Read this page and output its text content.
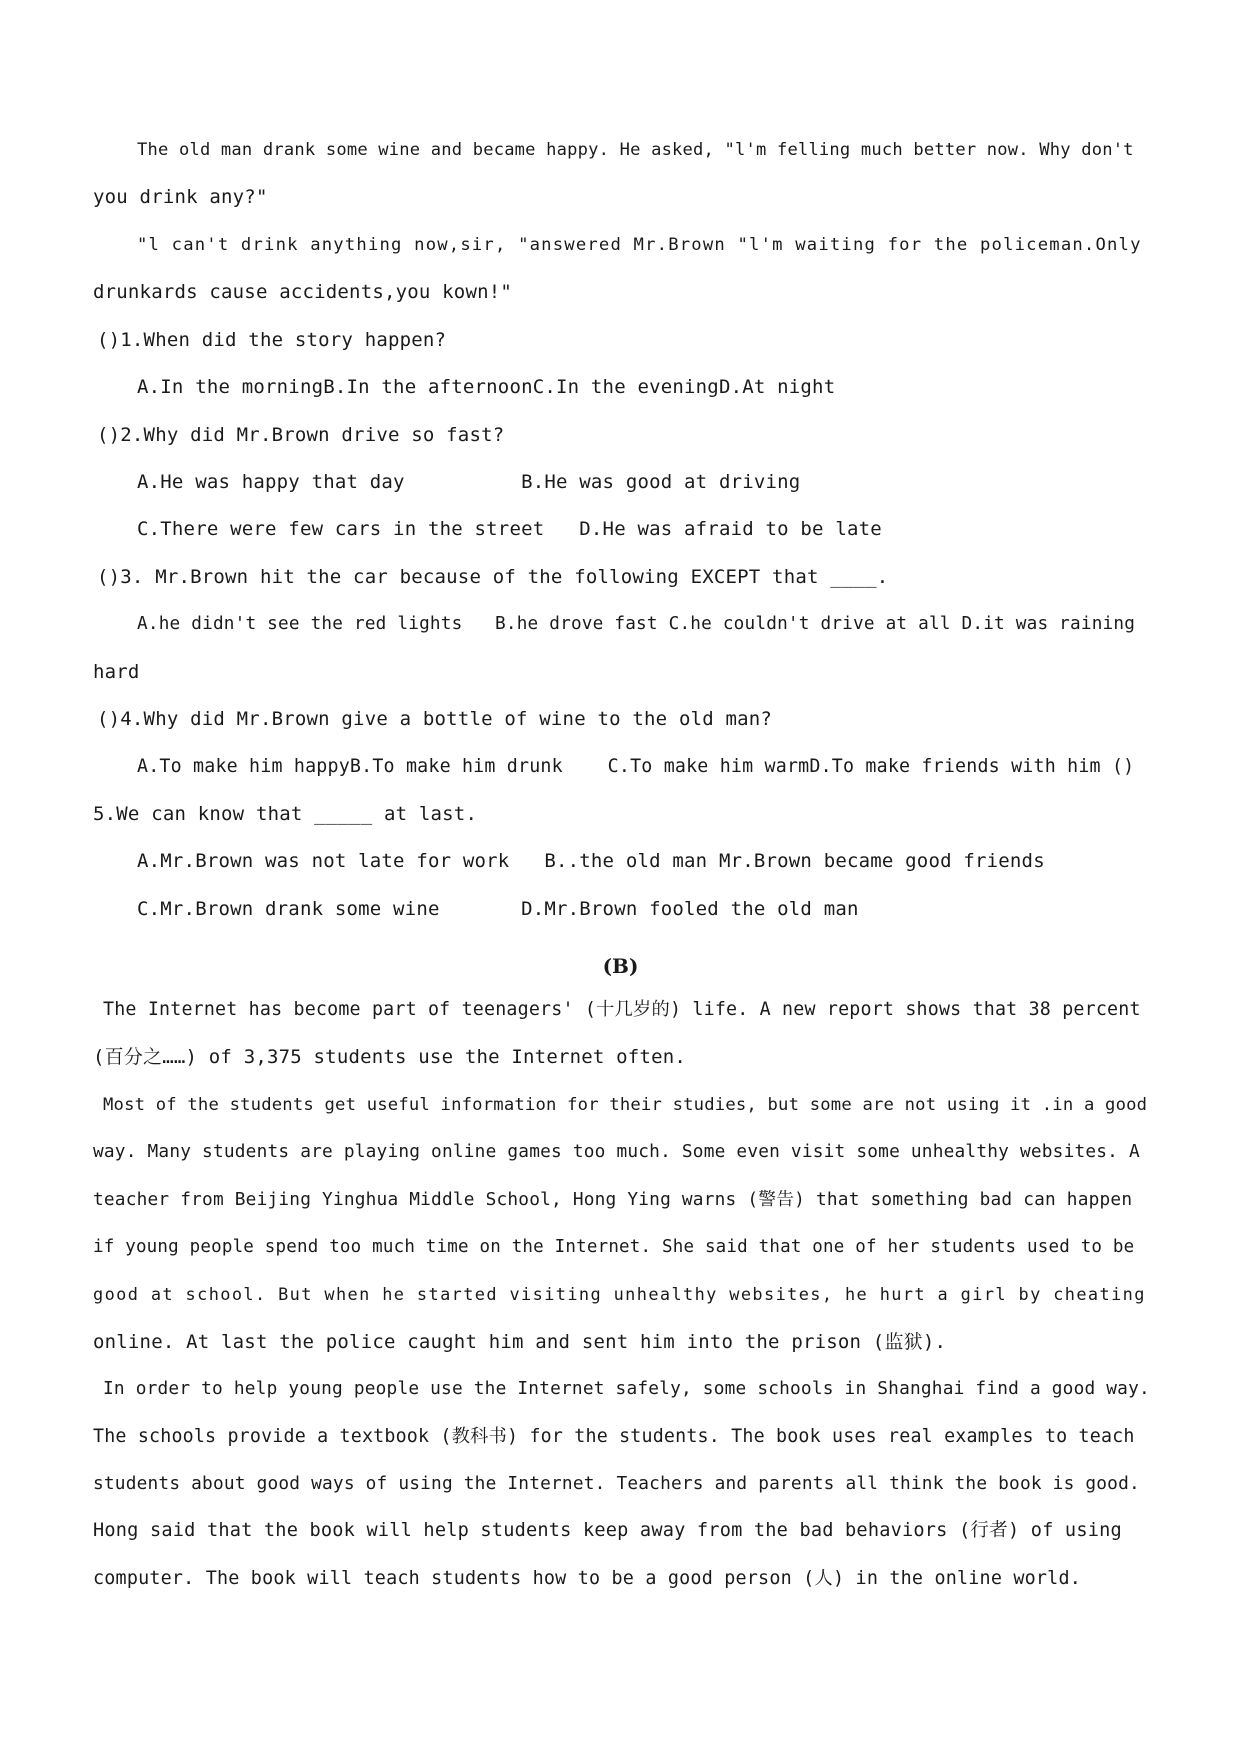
The old man drank some wine and became happy. He asked, "l'm felling much better now. Why don't
you drink any?"
"l can't drink anything now,sir, "answered Mr.Brown "l'm waiting for the policeman.Only
drunkards cause accidents,you kown!"
()1.When did the story happen?
A.In the morningB.In the afternoonC.In the eveningD.At night
()2.Why did Mr.Brown drive so fast?
A.He was happy that day          B.He was good at driving
C.There were few cars in the street   D.He was afraid to be late
()3. Mr.Brown hit the car because of the following EXCEPT that ____.
A.he didn't see the red lights   B.he drove fast C.he couldn't drive at all D.it was raining
hard
()4.Why did Mr.Brown give a bottle of wine to the old man?
A.To make him happyB.To make him drunk    C.To make him warmD.To make friends with him ()
5.We can know that _____ at last.
A.Mr.Brown was not late for work   B..the old man Mr.Brown became good friends
C.Mr.Brown drank some wine       D.Mr.Brown fooled the old man
(B)
The Internet has become part of teenagers' (十几岁的) life. A new report shows that 38 percent
(百分之……) of 3,375 students use the Internet often.
Most of the students get useful information for their studies, but some are not using it .in a good
way. Many students are playing online games too much. Some even visit some unhealthy websites. A
teacher from Beijing Yinghua Middle School, Hong Ying warns (警告) that something bad can happen
if young people spend too much time on the Internet. She said that one of her students used to be
good at school. But when he started visiting unhealthy websites, he hurt a girl by cheating
online. At last the police caught him and sent him into the prison (监狱).
In order to help young people use the Internet safely, some schools in Shanghai find a good way.
The schools provide a textbook (教科书) for the students. The book uses real examples to teach
students about good ways of using the Internet. Teachers and parents all think the book is good.
Hong said that the book will help students keep away from the bad behaviors (行者) of using
computer. The book will teach students how to be a good person (人) in the online world.
